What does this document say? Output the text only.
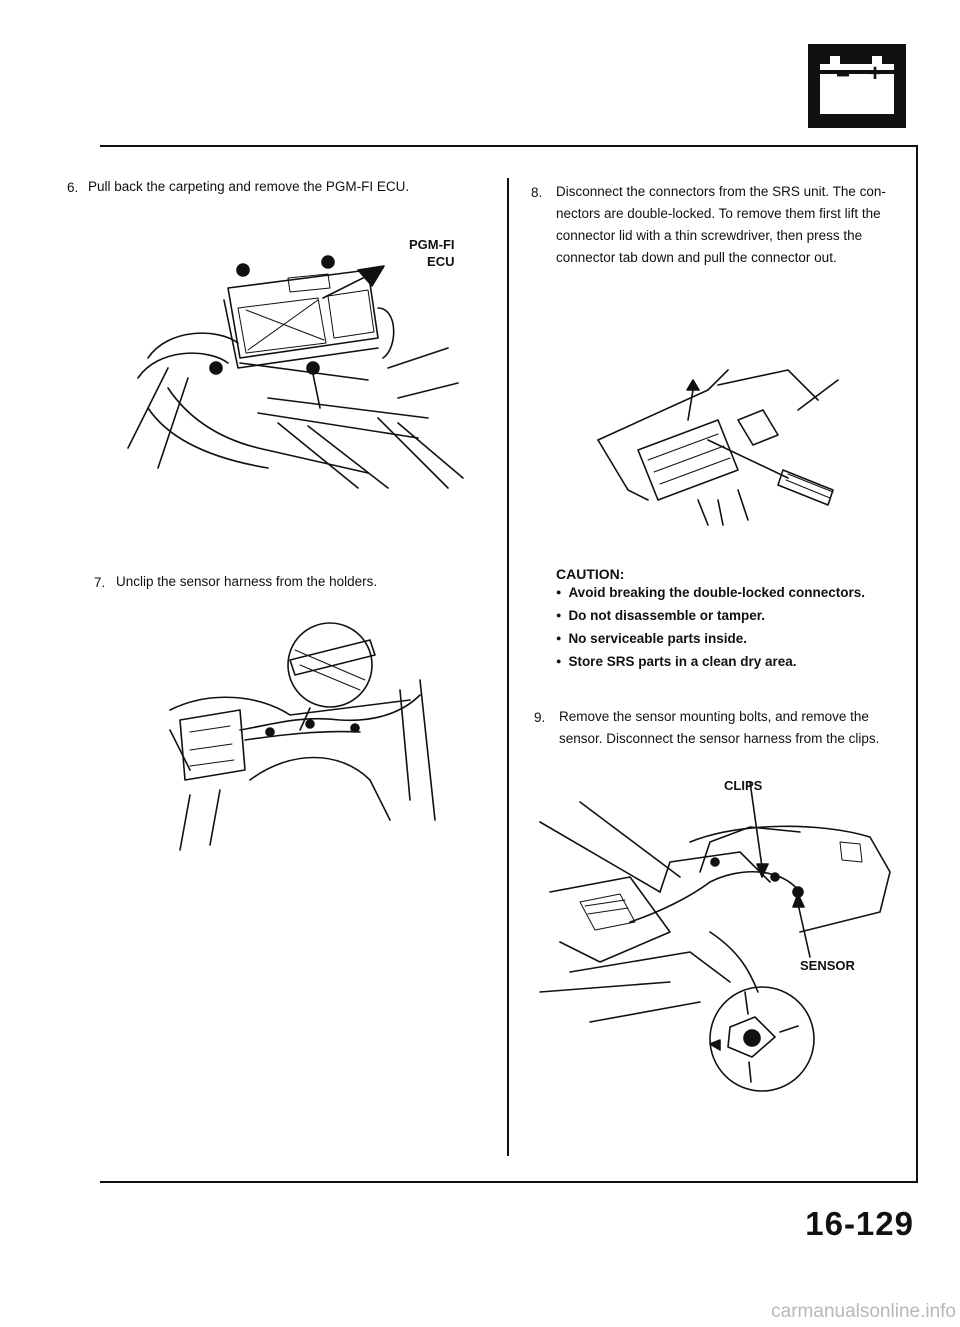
− +
6. Pull back the carpeting and remove the PGM-FI ECU.
PGM-FI
ECU
7. Unclip the sensor harness from the holders.
8. Disconnect the connectors from the SRS unit. The con-
nectors are double-locked. To remove them first lift the
connector lid with a thin screwdriver, then press the
connector tab down and pull the connector out.
CAUTION:
● Avoid breaking the double-locked connectors.
● Do not disassemble or tamper.
● No serviceable parts inside.
● Store SRS parts in a clean dry area.
9. Remove the sensor mounting bolts, and remove the
sensor. Disconnect the sensor harness from the clips.
CLIPS
SENSOR
16-129
carmanualsonline.info
